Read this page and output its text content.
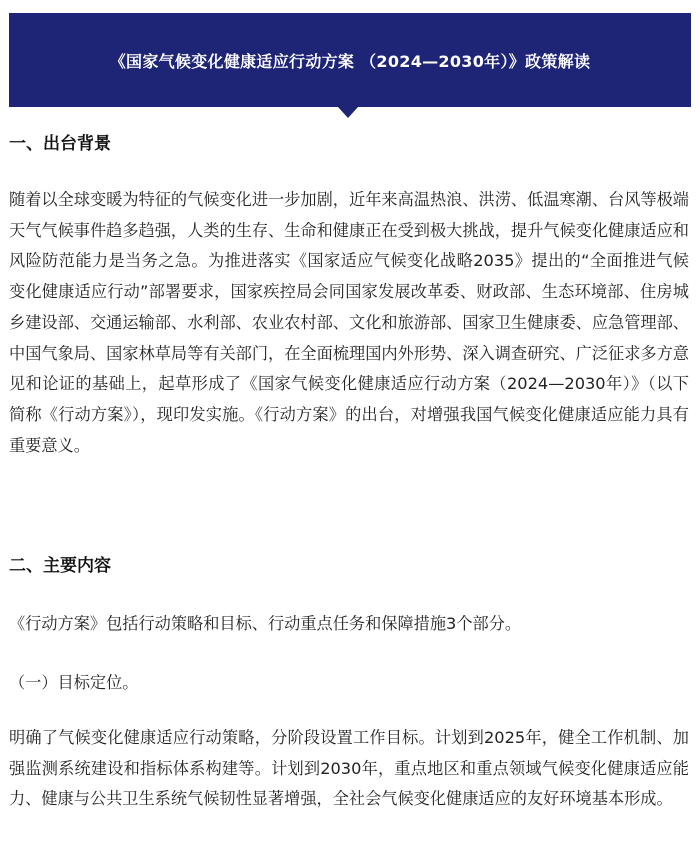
《国家气候变化健康适应行动方案 （2024—2030年）》政策解读
一、出台背景

随着以全球变暖为特征的气候变化进一步加剧，近年来高温热浪、洪涝、低温寒潮、台风等极端天气气候事件趋多趋强，人类的生存、生命和健康正在受到极大挑战，提升气候变化健康适应和风险防范能力是当务之急。为推进落实《国家适应气候变化战略2035》提出的“全面推进气候变化健康适应行动”部署要求，国家疾控局会同国家发展改革委、财政部、生态环境部、住房城乡建设部、交通运输部、水利部、农业农村部、文化和旅游部、国家卫生健康委、应急管理部、中国气象局、国家林草局等有关部门，在全面梳理国内外形势、深入调查研究、广泛征求多方意见和论证的基础上，起草形成了《国家气候变化健康适应行动方案（2024—2030年）》（以下简称《行动方案》），现印发实施。《行动方案》的出台，对增强我国气候变化健康适应能力具有重要意义。

二、主要内容
《行动方案》包括行动策略和目标、行动重点任务和保障措施3个部分。
（一）目标定位。

明确了气候变化健康适应行动策略，分阶段设置工作目标。计划到2025年，健全工作机制、加强监测系统建设和指标体系构建等。计划到2030年，重点地区和重点领域气候变化健康适应能力、健康与公共卫生系统气候韧性显著增强，全社会气候变化健康适应的友好环境基本形成。
